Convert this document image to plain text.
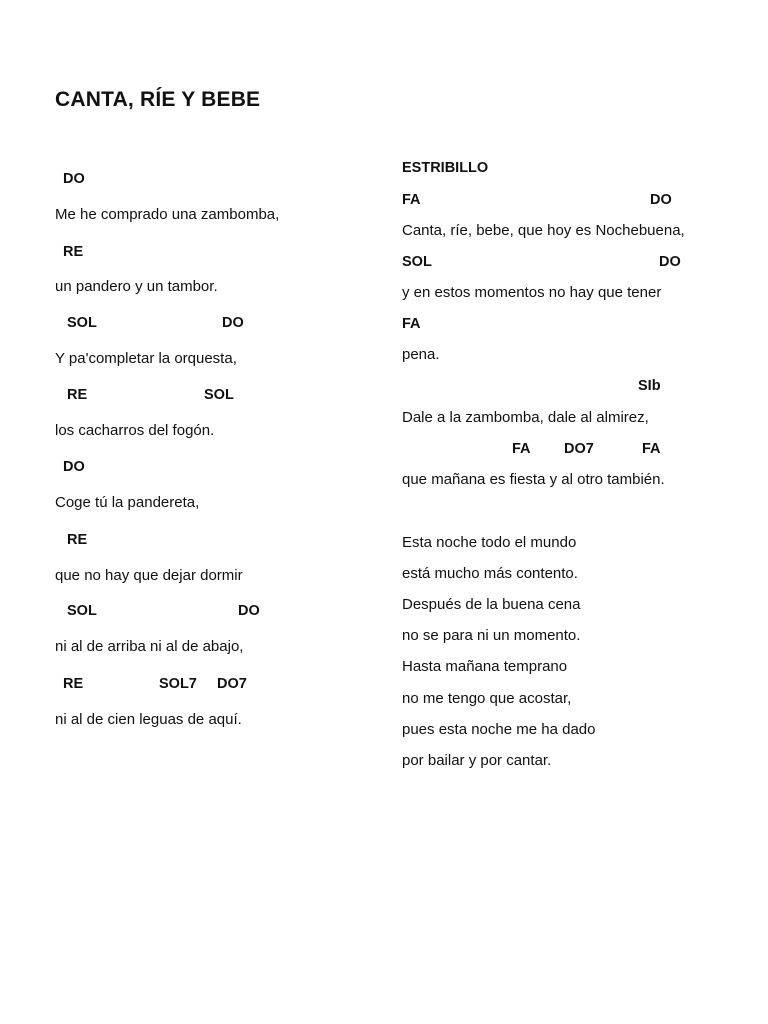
CANTA, RÍE Y BEBE
DO
Me he comprado una zambomba,
RE
un pandero y un tambor.
SOL	DO
Y pa'completar la orquesta,
RE	SOL
los cacharros del fogón.
DO
Coge tú la pandereta,
RE
que no hay que dejar dormir
SOL	DO
ni al de arriba ni al de abajo,
RE	SOL7 DO7
ni al de cien leguas de aquí.
ESTRIBILLO
FA	DO
Canta, ríe, bebe, que hoy es Nochebuena,
SOL	DO
y en estos momentos no hay que tener
FA
pena.
SIb
Dale a la zambomba, dale al almirez,
FA DO7	FA
que mañana es fiesta y al otro también.
Esta noche todo el mundo
está mucho más contento.
Después de la buena cena
no se para ni un momento.
Hasta mañana temprano
no me tengo que acostar,
pues esta noche me ha dado
por bailar y por cantar.
